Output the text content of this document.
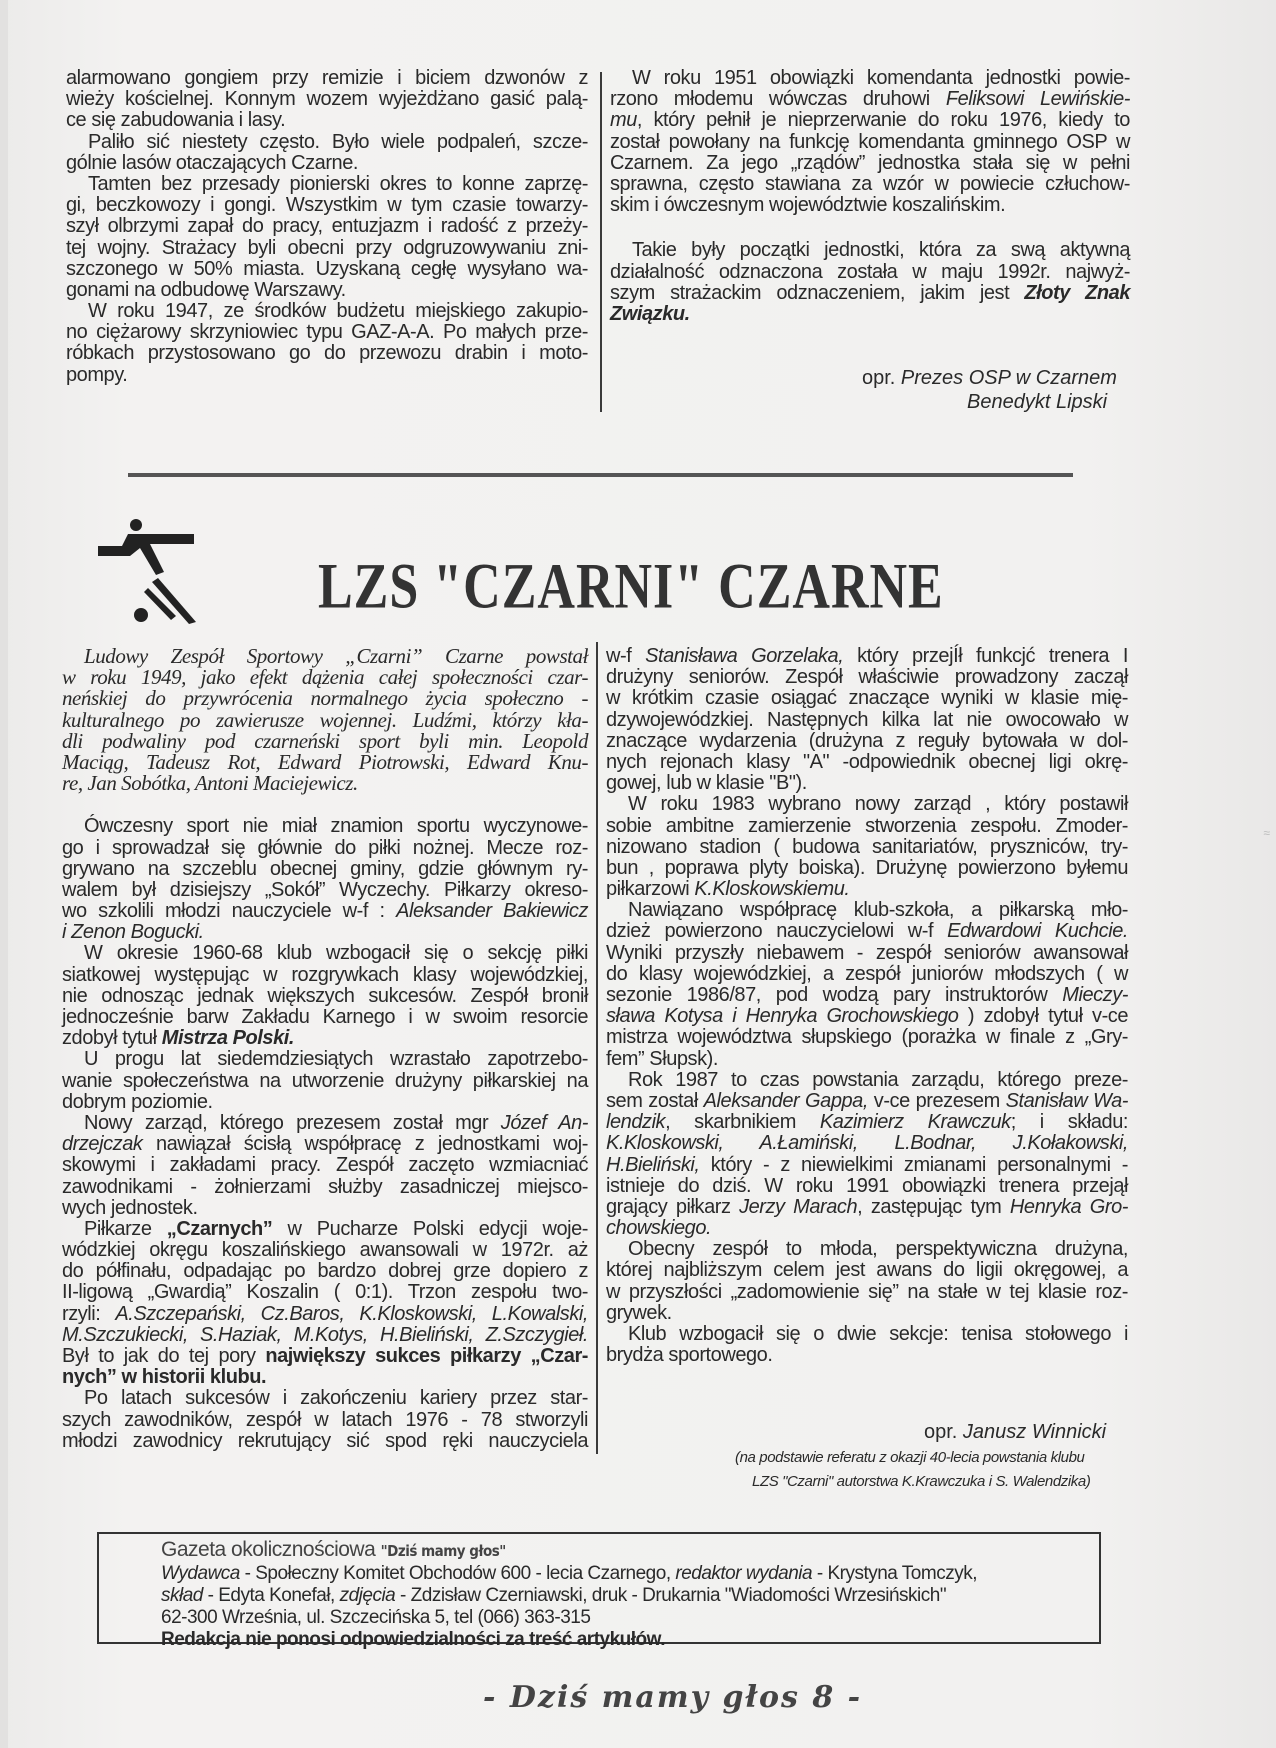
alarmowano gongiem przy remizie i biciem dzwonów z
wieży kościelnej. Konnym wozem wyjeżdżano gasić palą-
ce się zabudowania i lasy.
Paliło sić niestety często. Było wiele podpaleń, szcze-
gólnie lasów otaczających Czarne.
Tamten bez przesady pionierski okres to konne zaprzę-
gi, beczkowozy i gongi. Wszystkim w tym czasie towarzy-
szył olbrzymi zapał do pracy, entuzjazm i radość z przeży-
tej wojny. Strażacy byli obecni przy odgruzowywaniu zni-
szczonego w 50% miasta. Uzyskaną cegłę wysyłano wa-
gonami na odbudowę Warszawy.
W roku 1947, ze środków budżetu miejskiego zakupio-
no ciężarowy skrzyniowiec typu GAZ-A-A. Po małych prze-
róbkach przystosowano go do przewozu drabin i moto-
pompy.
W roku 1951 obowiązki komendanta jednostki powie-
rzono młodemu wówczas druhowi Feliksowi Lewińskie-
mu, który pełnił je nieprzerwanie do roku 1976, kiedy to
został powołany na funkcję komendanta gminnego OSP w
Czarnem. Za jego „rządów” jednostka stała się w pełni
sprawna, często stawiana za wzór w powiecie człuchow-
skim i ówczesnym województwie koszalińskim.
Takie były początki jednostki, która za swą aktywną
działalność odznaczona została w maju 1992r. najwyż-
szym strażackim odznaczeniem, jakim jest Złoty Znak
Związku.
opr. Prezes OSP w Czarnem
Benedykt Lipski
LZS "CZARNI" CZARNE
Ludowy Zespół Sportowy „Czarni” Czarne powstał
w roku 1949, jako efekt dążenia całej społeczności czar-
neńskiej do przywrócenia normalnego życia społeczno -
kulturalnego po zawierusze wojennej. Ludźmi, którzy kła-
dli podwaliny pod czarneński sport byli min. Leopold
Maciąg, Tadeusz Rot, Edward Piotrowski, Edward Knu-
re, Jan Sobótka, Antoni Maciejewicz.
Ówczesny sport nie miał znamion sportu wyczynowe-
go i sprowadzał się głównie do piłki nożnej. Mecze roz-
grywano na szczeblu obecnej gminy, gdzie głównym ry-
walem był dzisiejszy „Sokół” Wyczechy. Piłkarzy okreso-
wo szkolili młodzi nauczyciele w-f : Aleksander Bakiewicz
i Zenon Bogucki.
W okresie 1960-68 klub wzbogacił się o sekcję piłki
siatkowej występując w rozgrywkach klasy wojewódzkiej,
nie odnosząc jednak większych sukcesów. Zespół bronił
jednocześnie barw Zakładu Karnego i w swoim resorcie
zdobył tytuł Mistrza Polski.
U progu lat siedemdziesiątych wzrastało zapotrzebo-
wanie społeczeństwa na utworzenie drużyny piłkarskiej na
dobrym poziomie.
Nowy zarząd, którego prezesem został mgr Józef An-
drzejczak nawiązał ścisłą współpracę z jednostkami woj-
skowymi i zakładami pracy. Zespół zaczęto wzmiacniać
zawodnikami - żołnierzami służby zasadniczej miejsco-
wych jednostek.
Piłkarze „Czarnych” w Pucharze Polski edycji woje-
wódzkiej okręgu koszalińskiego awansowali w 1972r. aż
do półfinału, odpadając po bardzo dobrej grze dopiero z
II-ligową „Gwardią” Koszalin ( 0:1). Trzon zespołu two-
rzyli: A.Szczepański, Cz.Baros, K.Kloskowski, L.Kowalski,
M.Szczukiecki, S.Haziak, M.Kotys, H.Bieliński, Z.Szczygieł.
Był to jak do tej pory największy sukces piłkarzy „Czar-
nych” w historii klubu.
Po latach sukcesów i zakończeniu kariery przez star-
szych zawodników, zespół w latach 1976 - 78 stworzyli
młodzi zawodnicy rekrutujący sić spod ręki nauczyciela
w-f Stanisława Gorzelaka, który przejÍł funkcjć trenera I
drużyny seniorów. Zespół właściwie prowadzony zaczął
w krótkim czasie osiągać znaczące wyniki w klasie mię-
dzywojewódzkiej. Następnych kilka lat nie owocowało w
znaczące wydarzenia (drużyna z reguły bytowała w dol-
nych rejonach klasy "A" -odpowiednik obecnej ligi okrę-
gowej, lub w klasie "B").
W roku 1983 wybrano nowy zarząd , który postawił
sobie ambitne zamierzenie stworzenia zespołu. Zmoder-
nizowano stadion ( budowa sanitariatów, pryszniców, try-
bun , poprawa plyty boiska). Drużynę powierzono byłemu
piłkarzowi K.Kloskowskiemu.
Nawiązano współpracę klub-szkoła, a piłkarską mło-
dzież powierzono nauczycielowi w-f Edwardowi Kuchcie.
Wyniki przyszły niebawem - zespół seniorów awansował
do klasy wojewódzkiej, a zespół juniorów młodszych ( w
sezonie 1986/87, pod wodzą pary instruktorów Mieczy-
sława Kotysa i Henryka Grochowskiego ) zdobył tytuł v-ce
mistrza województwa słupskiego (porażka w finale z „Gry-
fem” Słupsk).
Rok 1987 to czas powstania zarządu, którego preze-
sem został Aleksander Gappa, v-ce prezesem Stanisław Wa-
lendzik, skarbnikiem Kazimierz Krawczuk; i składu:
K.Kloskowski, A.Łamiński, L.Bodnar, J.Kołakowski,
H.Bieliński, który - z niewielkimi zmianami personalnymi -
istnieje do dziś. W roku 1991 obowiązki trenera przejął
grający piłkarz Jerzy Marach, zastępując tym Henryka Gro-
chowskiego.
Obecny zespół to młoda, perspektywiczna drużyna,
której najbliższym celem jest awans do ligii okręgowej, a
w przyszłości „zadomowienie się” na stałe w tej klasie roz-
grywek.
Klub wzbogacił się o dwie sekcje: tenisa stołowego i
brydża sportowego.
opr. Janusz Winnicki
(na podstawie referatu z okazji 40-lecia powstania klubu
LZS "Czarni" autorstwa K.Krawczuka i S. Walendzika)
Gazeta okolicznościowa "Dziś mamy głos"
Wydawca - Społeczny Komitet Obchodów 600 - lecia Czarnego, redaktor wydania - Krystyna Tomczyk,
skład - Edyta Konefał, zdjęcia - Zdzisław Czerniawski, druk - Drukarnia "Wiadomości Wrzesińskich"
62-300 Września, ul. Szczecińska 5, tel (066) 363-315
Redakcja nie ponosi odpowiedzialności za treść artykułów.
- Dziś mamy głos 8 -
≈
